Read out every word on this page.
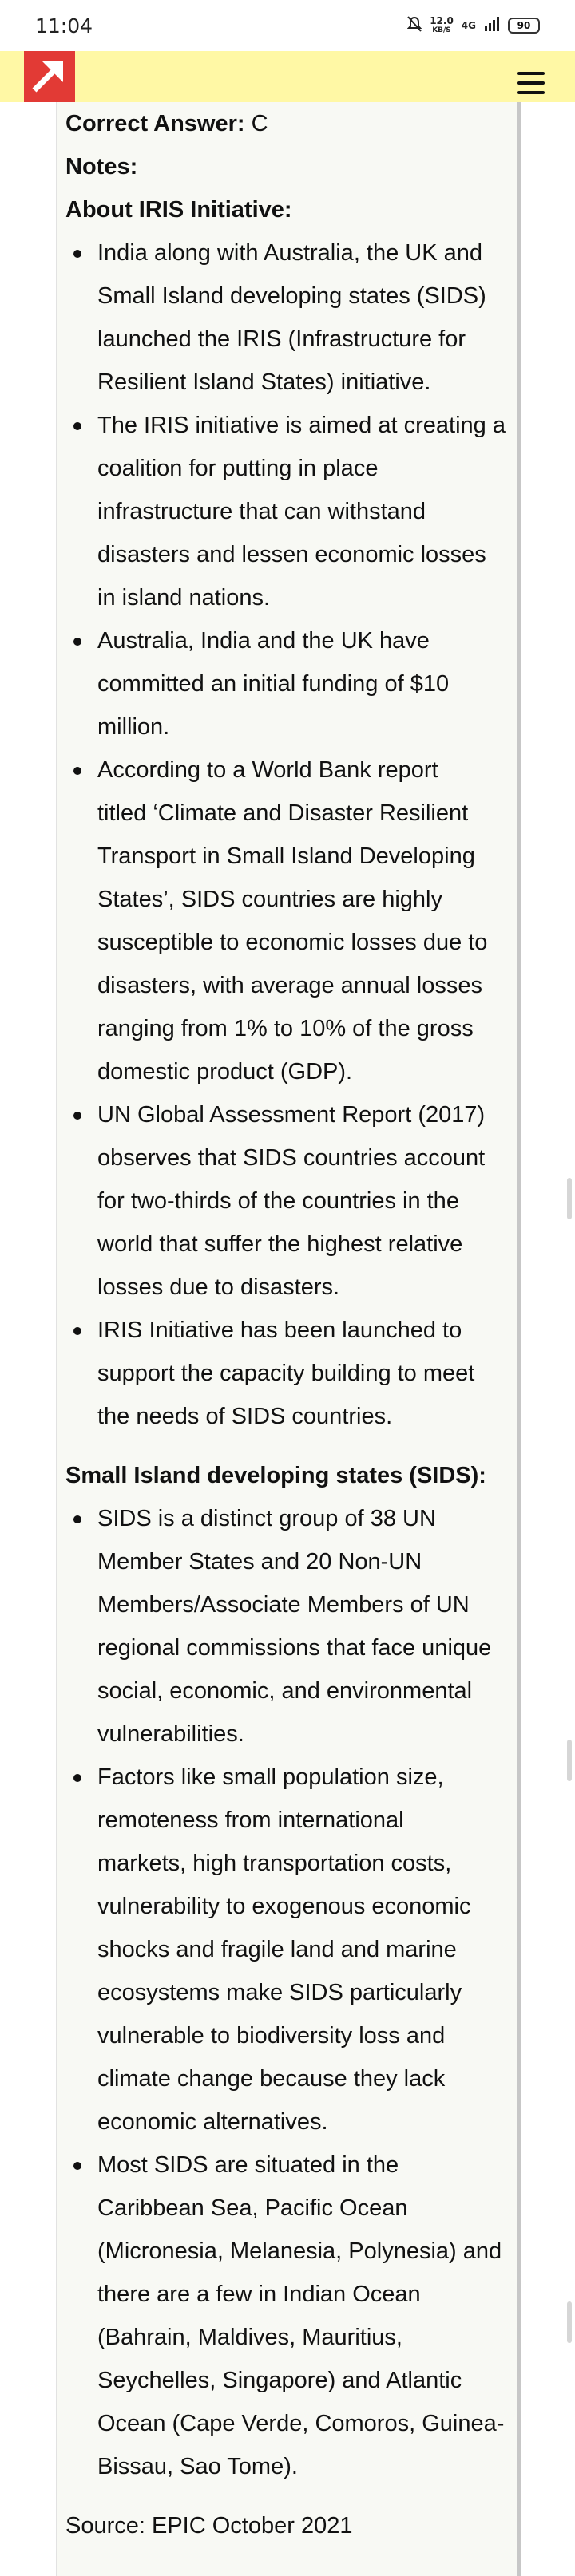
11:04	12.0
KB/S 4G	90
Correct Answer: C
Notes:
About IRIS Initiative:
India along with Australia, the UK and
Small Island developing states (SIDS)
launched the IRIS (Infrastructure for
Resilient Island States) initiative.
The IRIS initiative is aimed at creating a
coalition for putting in place
infrastructure that can withstand
disasters and lessen economic losses
in island nations.
Australia, India and the UK have
committed an initial funding of $10
million.
According to a World Bank report
titled ‘Climate and Disaster Resilient
Transport in Small Island Developing
States’, SIDS countries are highly
susceptible to economic losses due to
disasters, with average annual losses
ranging from 1% to 10% of the gross
domestic product (GDP).
UN Global Assessment Report (2017)
observes that SIDS countries account
for two-thirds of the countries in the
world that suffer the highest relative
losses due to disasters.
IRIS Initiative has been launched to
support the capacity building to meet
the needs of SIDS countries.
Small Island developing states (SIDS):
SIDS is a distinct group of 38 UN
Member States and 20 Non-UN
Members/Associate Members of UN
regional commissions that face unique
social, economic, and environmental
vulnerabilities.
Factors like small population size,
remoteness from international
markets, high transportation costs,
vulnerability to exogenous economic
shocks and fragile land and marine
ecosystems make SIDS particularly
vulnerable to biodiversity loss and
climate change because they lack
economic alternatives.
Most SIDS are situated in the
Caribbean Sea, Pacific Ocean
(Micronesia, Melanesia, Polynesia) and
there are a few in Indian Ocean
(Bahrain, Maldives, Mauritius,
Seychelles, Singapore) and Atlantic
Ocean (Cape Verde, Comoros, Guinea-
Bissau, Sao Tome).
Source: EPIC October 2021
